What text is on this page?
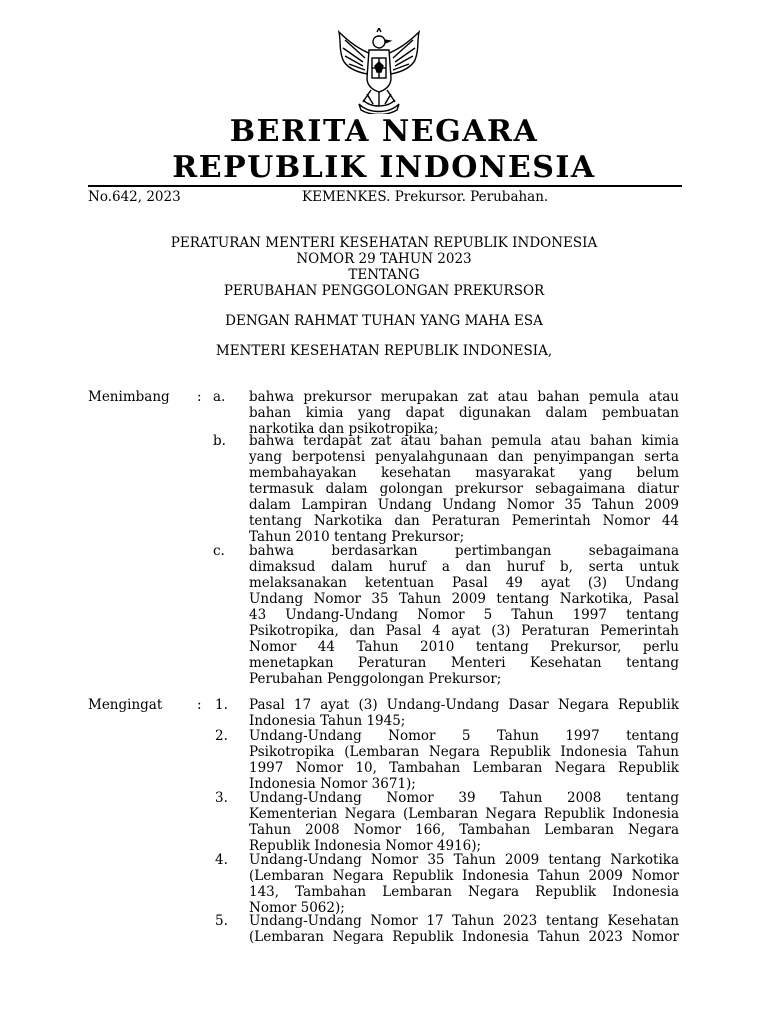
BERITA NEGARA
REPUBLIK INDONESIA
No.642, 2023	KEMENKES. Prekursor. Perubahan.
PERATURAN MENTERI KESEHATAN REPUBLIK INDONESIA
NOMOR 29 TAHUN 2023
TENTANG
PERUBAHAN PENGGOLONGAN PREKURSOR
DENGAN RAHMAT TUHAN YANG MAHA ESA
MENTERI KESEHATAN REPUBLIK INDONESIA,
Menimbang : a. bahwa prekursor merupakan zat atau bahan pemula atau
bahan kimia yang dapat digunakan dalam pembuatan
narkotika dan psikotropika;
b. bahwa terdapat zat atau bahan pemula atau bahan kimia
yang berpotensi penyalahgunaan dan penyimpangan serta
membahayakan kesehatan masyarakat yang belum
termasuk dalam golongan prekursor sebagaimana diatur
dalam Lampiran Undang Undang Nomor 35 Tahun 2009
tentang Narkotika dan Peraturan Pemerintah Nomor 44
Tahun 2010 tentang Prekursor;
c. bahwa berdasarkan pertimbangan sebagaimana
dimaksud dalam huruf a dan huruf b, serta untuk
melaksanakan ketentuan Pasal 49 ayat (3) Undang
Undang Nomor 35 Tahun 2009 tentang Narkotika, Pasal
43 Undang-Undang Nomor 5 Tahun 1997 tentang
Psikotropika, dan Pasal 4 ayat (3) Peraturan Pemerintah
Nomor 44 Tahun 2010 tentang Prekursor, perlu
menetapkan Peraturan Menteri Kesehatan tentang
Perubahan Penggolongan Prekursor;
Mengingat	: 1. Pasal 17 ayat (3) Undang-Undang Dasar Negara Republik
Indonesia Tahun 1945;
2. Undang-Undang Nomor 5 Tahun 1997 tentang
Psikotropika (Lembaran Negara Republik Indonesia Tahun
1997 Nomor 10, Tambahan Lembaran Negara Republik
Indonesia Nomor 3671);
3. Undang-Undang Nomor 39 Tahun 2008 tentang
Kementerian Negara (Lembaran Negara Republik Indonesia
Tahun 2008 Nomor 166, Tambahan Lembaran Negara
Republik Indonesia Nomor 4916);
4. Undang-Undang Nomor 35 Tahun 2009 tentang Narkotika
(Lembaran Negara Republik Indonesia Tahun 2009 Nomor
143, Tambahan Lembaran Negara Republik Indonesia
Nomor 5062);
5. Undang-Undang Nomor 17 Tahun 2023 tentang Kesehatan
(Lembaran Negara Republik Indonesia Tahun 2023 Nomor
